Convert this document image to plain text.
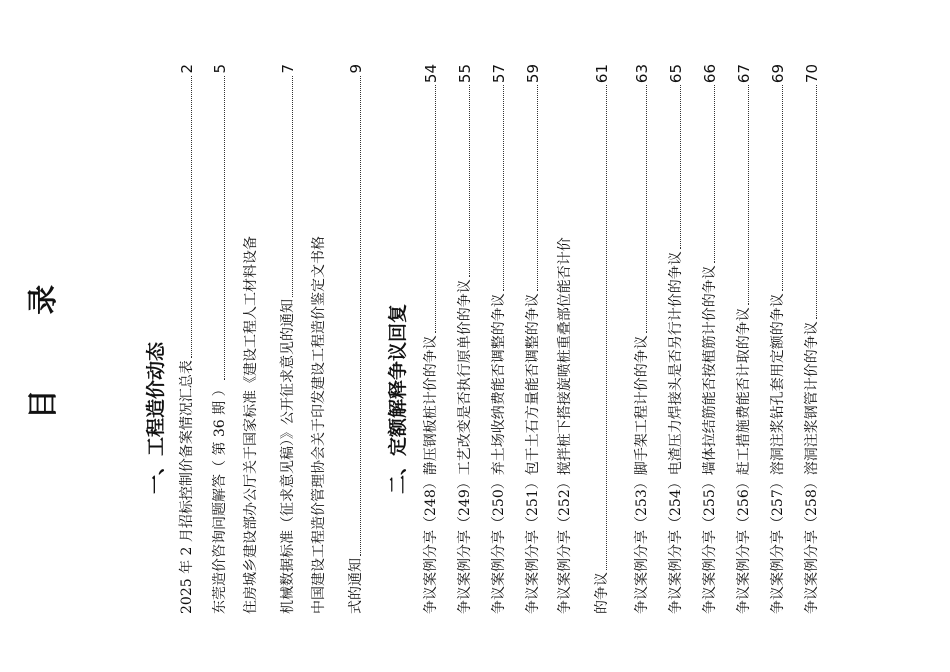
目 录	一、工程造价动态 2025 年 2 月招标控制价备案情况汇总表
2
东莞造价咨询问题解答（ 第 36 期 ）
5
住房城乡建设部办公厅关于国家标准《建设工程人工材料设备 机械数据标准（征求意见稿）》公开征求意见的通知
7
中国建设工程造价管理协会关于印发建设工程造价鉴定文书格 式的通知
9
二、定额解释争议回复 争议案例分享（248）静压钢板桩计价的争议
54
争议案例分享（249）工艺改变是否执行原单价的争议
55
争议案例分享（250）弃土场收纳费能否调整的争议
57
争议案例分享（251）包干土石方量能否调整的争议
59
争议案例分享（252）搅拌桩下搭接旋喷桩重叠部位能否计价 的争议
61
争议案例分享（253）脚手架工程计价的争议
63
争议案例分享（254）电渣压力焊接头是否另行计价的争议
65
争议案例分享（255）墙体拉结筋能否按植筋计价的争议
66
争议案例分享（256）赶工措施费能否计取的争议
67
争议案例分享（257）溶洞注浆钻孔套用定额的争议
69
争议案例分享（258）溶洞注浆钢管计价的争议
70
